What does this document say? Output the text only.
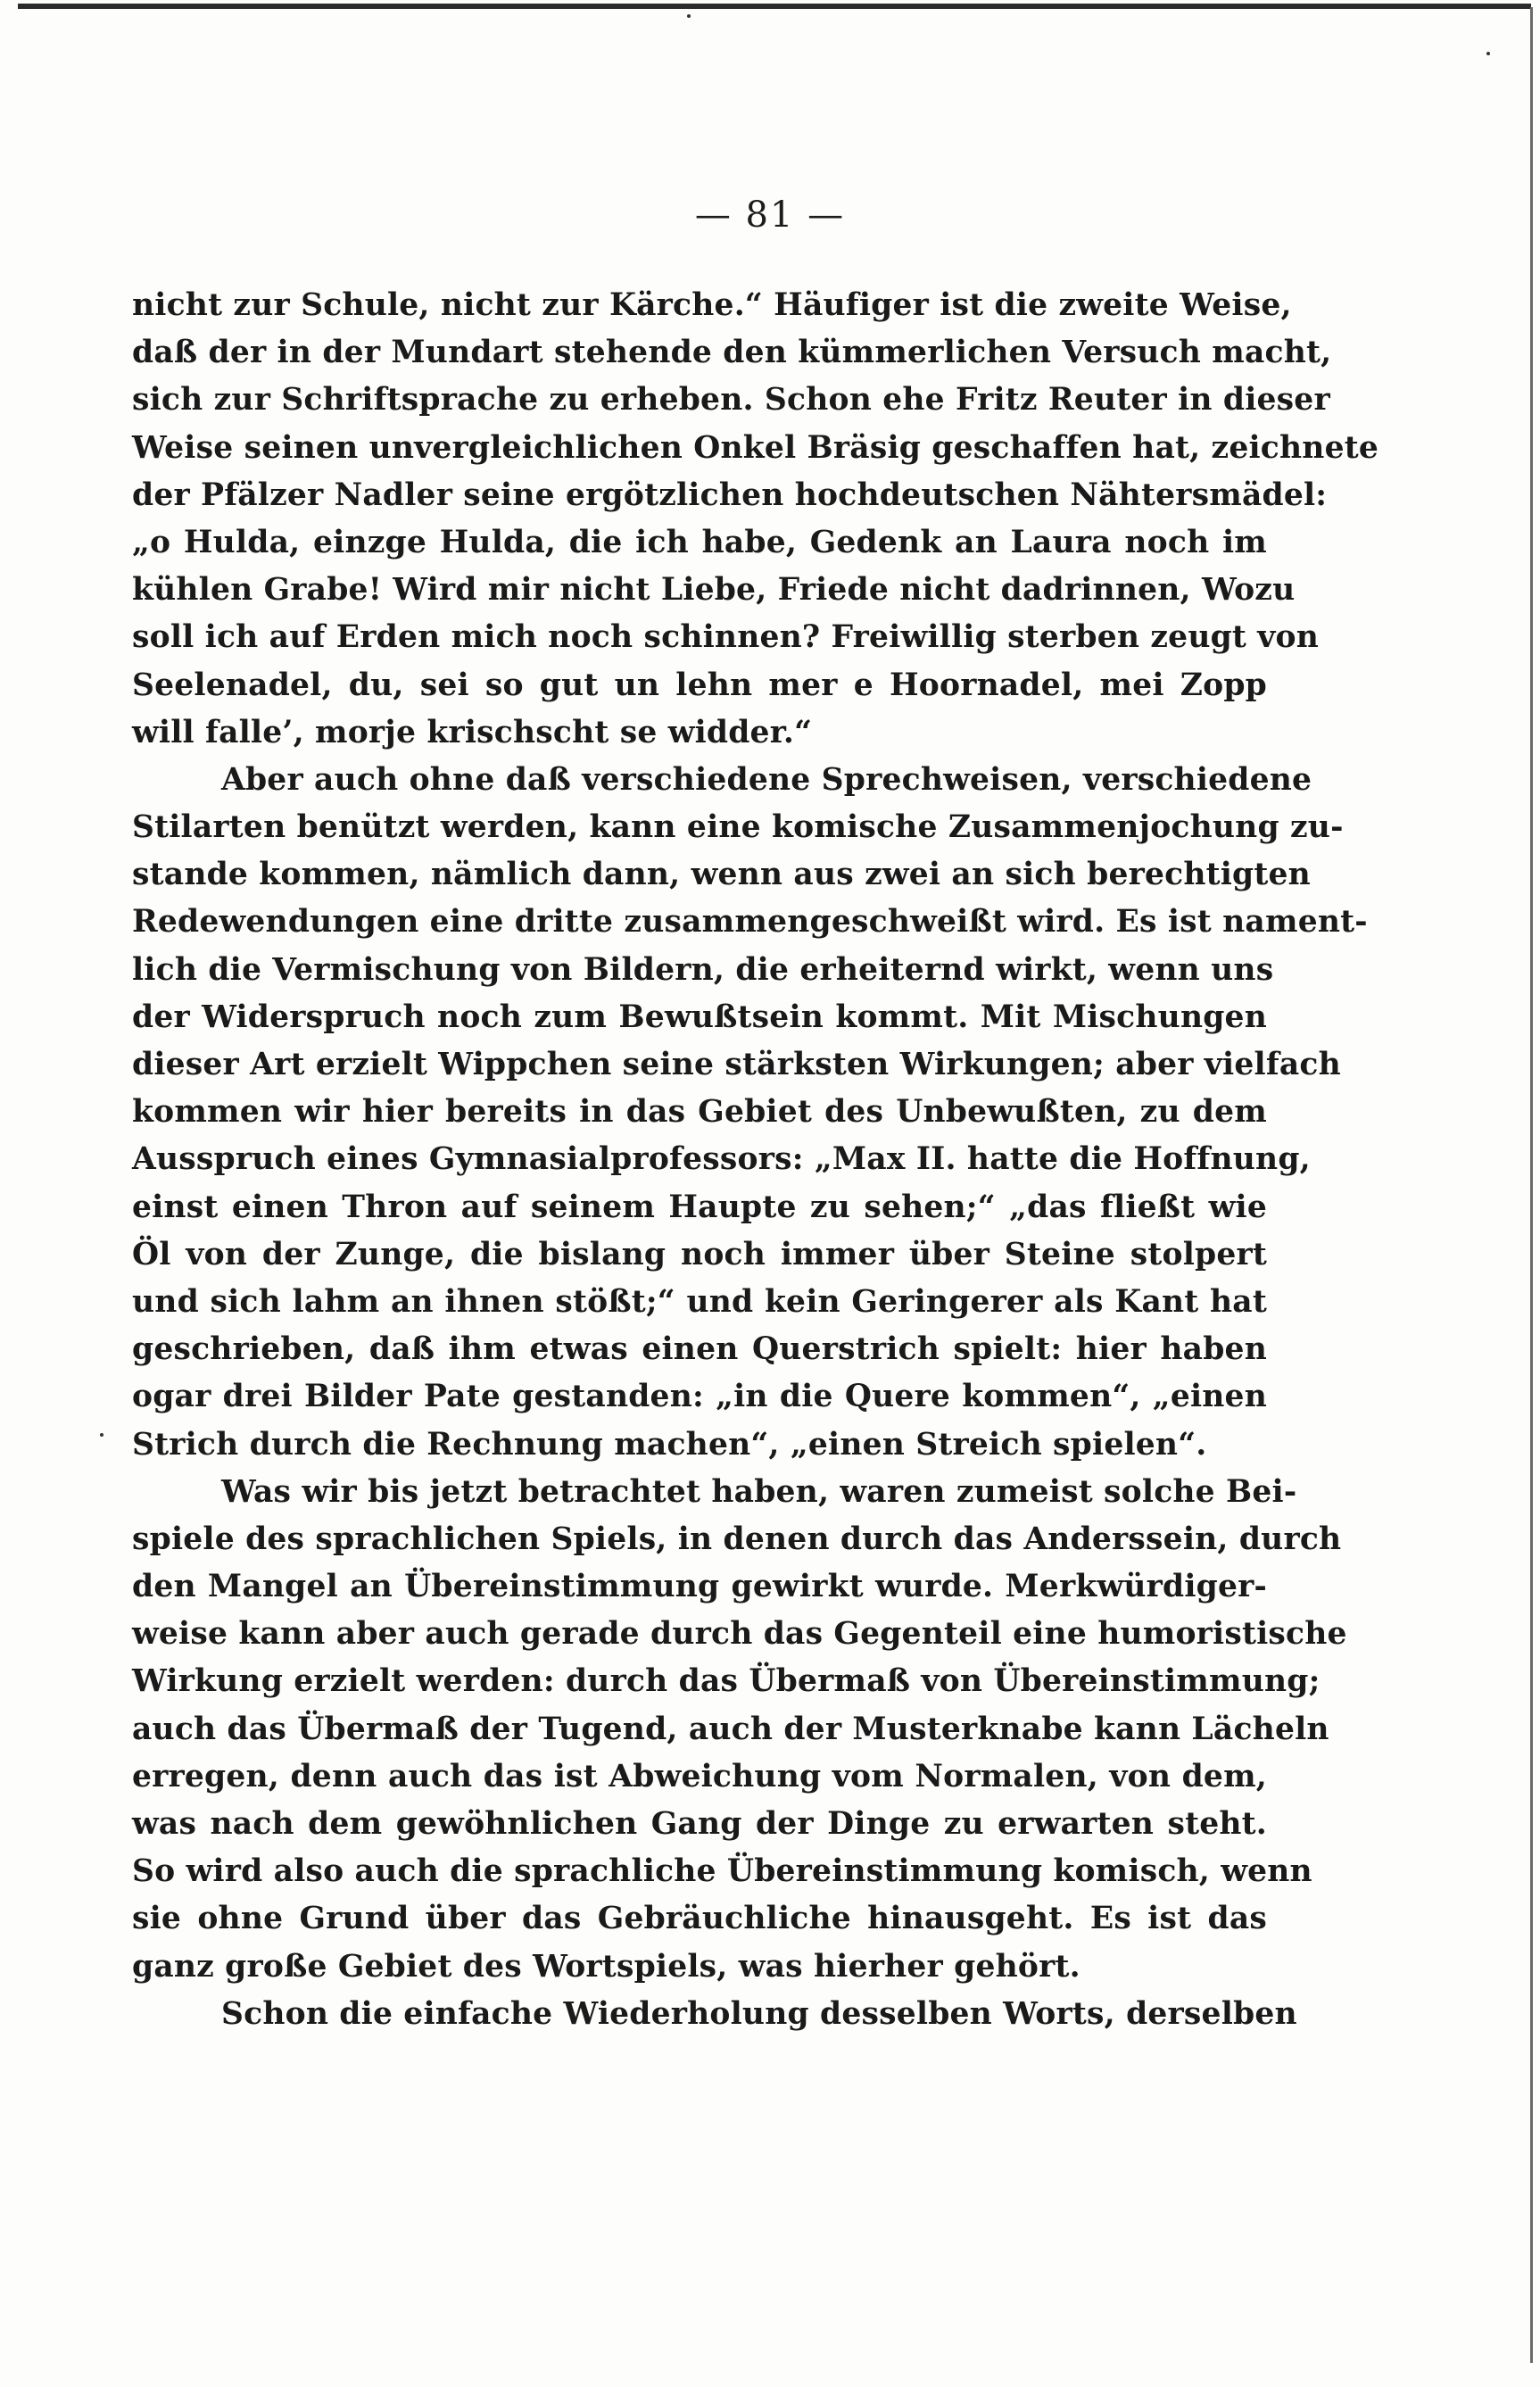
— 81 —
nicht zur Schule, nicht zur Kärche.“ Häufiger ist die zweite Weise,
daß der in der Mundart stehende den kümmerlichen Versuch macht,
sich zur Schriftsprache zu erheben. Schon ehe Fritz Reuter in dieser
Weise seinen unvergleichlichen Onkel Bräsig geschaffen hat, zeichnete
der Pfälzer Nadler seine ergötzlichen hochdeutschen Nähtersmädel:
„o Hulda, einzge Hulda, die ich habe, Gedenk an Laura noch im
kühlen Grabe! Wird mir nicht Liebe, Friede nicht dadrinnen, Wozu
soll ich auf Erden mich noch schinnen? Freiwillig sterben zeugt von
Seelenadel, du, sei so gut un lehn mer e Hoornadel, mei Zopp
will falle’, morje krischscht se widder.“
Aber auch ohne daß verschiedene Sprechweisen, verschiedene
Stilarten benützt werden, kann eine komische Zusammenjochung zu-
stande kommen, nämlich dann, wenn aus zwei an sich berechtigten
Redewendungen eine dritte zusammengeschweißt wird. Es ist nament-
lich die Vermischung von Bildern, die erheiternd wirkt, wenn uns
der Widerspruch noch zum Bewußtsein kommt. Mit Mischungen
dieser Art erzielt Wippchen seine stärksten Wirkungen; aber vielfach
kommen wir hier bereits in das Gebiet des Unbewußten, zu dem
Ausspruch eines Gymnasialprofessors: „Max II. hatte die Hoffnung,
einst einen Thron auf seinem Haupte zu sehen;“ „das fließt wie
Öl von der Zunge, die bislang noch immer über Steine stolpert
und sich lahm an ihnen stößt;“ und kein Geringerer als Kant hat
geschrieben, daß ihm etwas einen Querstrich spielt: hier haben
ogar drei Bilder Pate gestanden: „in die Quere kommen“, „einen
Strich durch die Rechnung machen“, „einen Streich spielen“.
Was wir bis jetzt betrachtet haben, waren zumeist solche Bei-
spiele des sprachlichen Spiels, in denen durch das Anderssein, durch
den Mangel an Übereinstimmung gewirkt wurde. Merkwürdiger-
weise kann aber auch gerade durch das Gegenteil eine humoristische
Wirkung erzielt werden: durch das Übermaß von Übereinstimmung;
auch das Übermaß der Tugend, auch der Musterknabe kann Lächeln
erregen, denn auch das ist Abweichung vom Normalen, von dem,
was nach dem gewöhnlichen Gang der Dinge zu erwarten steht.
So wird also auch die sprachliche Übereinstimmung komisch, wenn
sie ohne Grund über das Gebräuchliche hinausgeht. Es ist das
ganz große Gebiet des Wortspiels, was hierher gehört.
Schon die einfache Wiederholung desselben Worts, derselben
